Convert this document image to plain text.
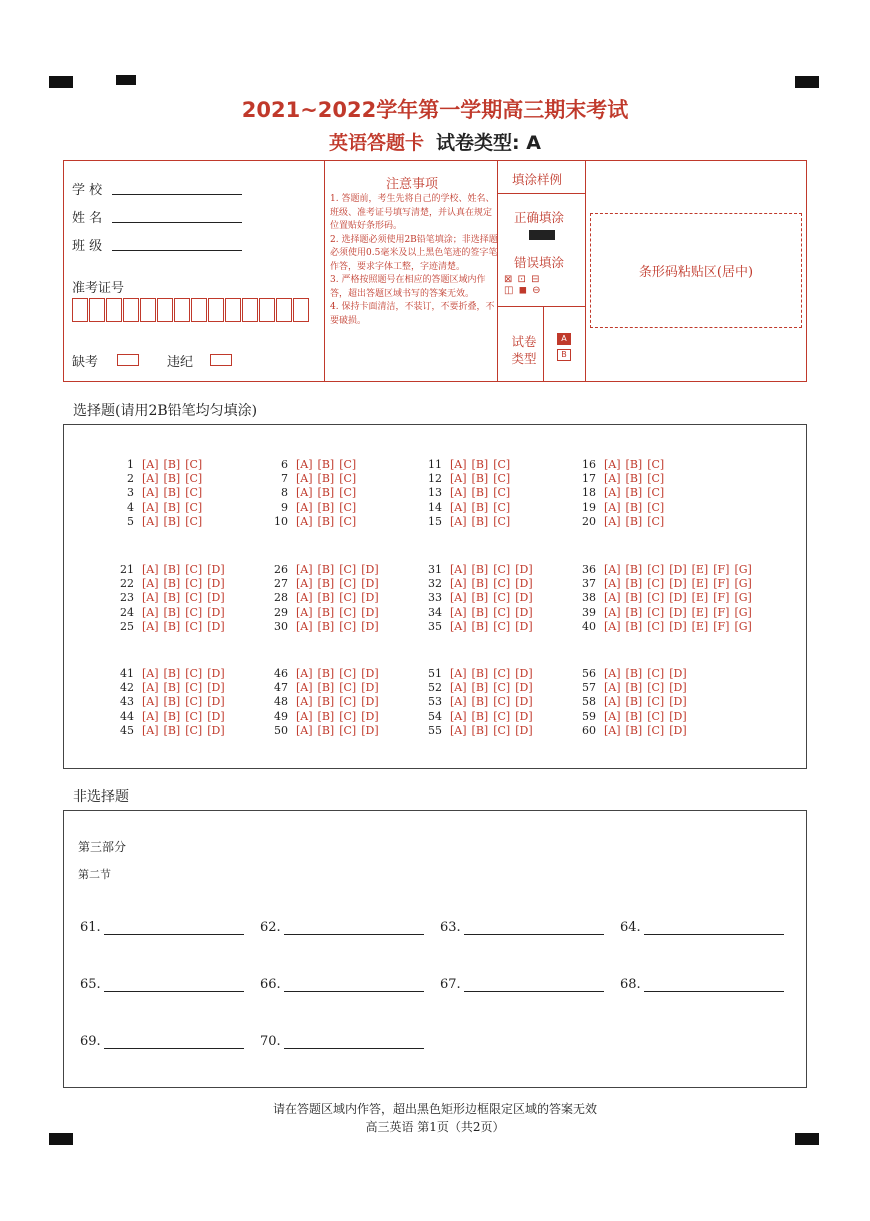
2021~2022学年第一学期高三期末考试
英语答题卡 试卷类型: A
学 校
姓 名
班 级
准考证号
缺考	违纪
注意事项

1. 答题前，考生先将自己的学校、姓名、班级、准考证号填写清楚，并认真在规定位置贴好条形码。

2. 选择题必须使用2B铅笔填涂；非选择题必须使用0.5毫米及以上黑色笔迹的签字笔作答，要求字体工整，字迹清楚。

3. 严格按照题号在相应的答题区域内作答，超出答题区域书写的答案无效。

4. 保持卡面清洁，不装订，不要折叠，不要破损。

填涂样例
正确填涂
错误填涂
⊠ ⊡ ⊟
◫ ◼ ⊖
试卷类型
A
B
条形码粘贴区(居中)
选择题(请用2B铅笔均匀填涂)
1 [A] [B] [C]
2 [A] [B] [C]
3 [A] [B] [C]
4 [A] [B] [C]
5 [A] [B] [C]
6 [A] [B] [C]
7 [A] [B] [C]
8 [A] [B] [C]
9 [A] [B] [C]
10 [A] [B] [C]
11 [A] [B] [C]
12 [A] [B] [C]
13 [A] [B] [C]
14 [A] [B] [C]
15 [A] [B] [C]
16 [A] [B] [C]
17 [A] [B] [C]
18 [A] [B] [C]
19 [A] [B] [C]
20 [A] [B] [C]
21 [A] [B] [C] [D]
22 [A] [B] [C] [D]
23 [A] [B] [C] [D]
24 [A] [B] [C] [D]
25 [A] [B] [C] [D]
26 [A] [B] [C] [D]
27 [A] [B] [C] [D]
28 [A] [B] [C] [D]
29 [A] [B] [C] [D]
30 [A] [B] [C] [D]
31 [A] [B] [C] [D]
32 [A] [B] [C] [D]
33 [A] [B] [C] [D]
34 [A] [B] [C] [D]
35 [A] [B] [C] [D]
36 [A] [B] [C] [D] [E] [F] [G]
37 [A] [B] [C] [D] [E] [F] [G]
38 [A] [B] [C] [D] [E] [F] [G]
39 [A] [B] [C] [D] [E] [F] [G]
40 [A] [B] [C] [D] [E] [F] [G]
41 [A] [B] [C] [D]
42 [A] [B] [C] [D]
43 [A] [B] [C] [D]
44 [A] [B] [C] [D]
45 [A] [B] [C] [D]
46 [A] [B] [C] [D]
47 [A] [B] [C] [D]
48 [A] [B] [C] [D]
49 [A] [B] [C] [D]
50 [A] [B] [C] [D]
51 [A] [B] [C] [D]
52 [A] [B] [C] [D]
53 [A] [B] [C] [D]
54 [A] [B] [C] [D]
55 [A] [B] [C] [D]
56 [A] [B] [C] [D]
57 [A] [B] [C] [D]
58 [A] [B] [C] [D]
59 [A] [B] [C] [D]
60 [A] [B] [C] [D]
非选择题
第三部分
第二节
61.	62.	63.	64.
65.	66.	67.	68.
69.	70.
请在答题区域内作答，超出黑色矩形边框限定区域的答案无效
高三英语 第1页（共2页）
